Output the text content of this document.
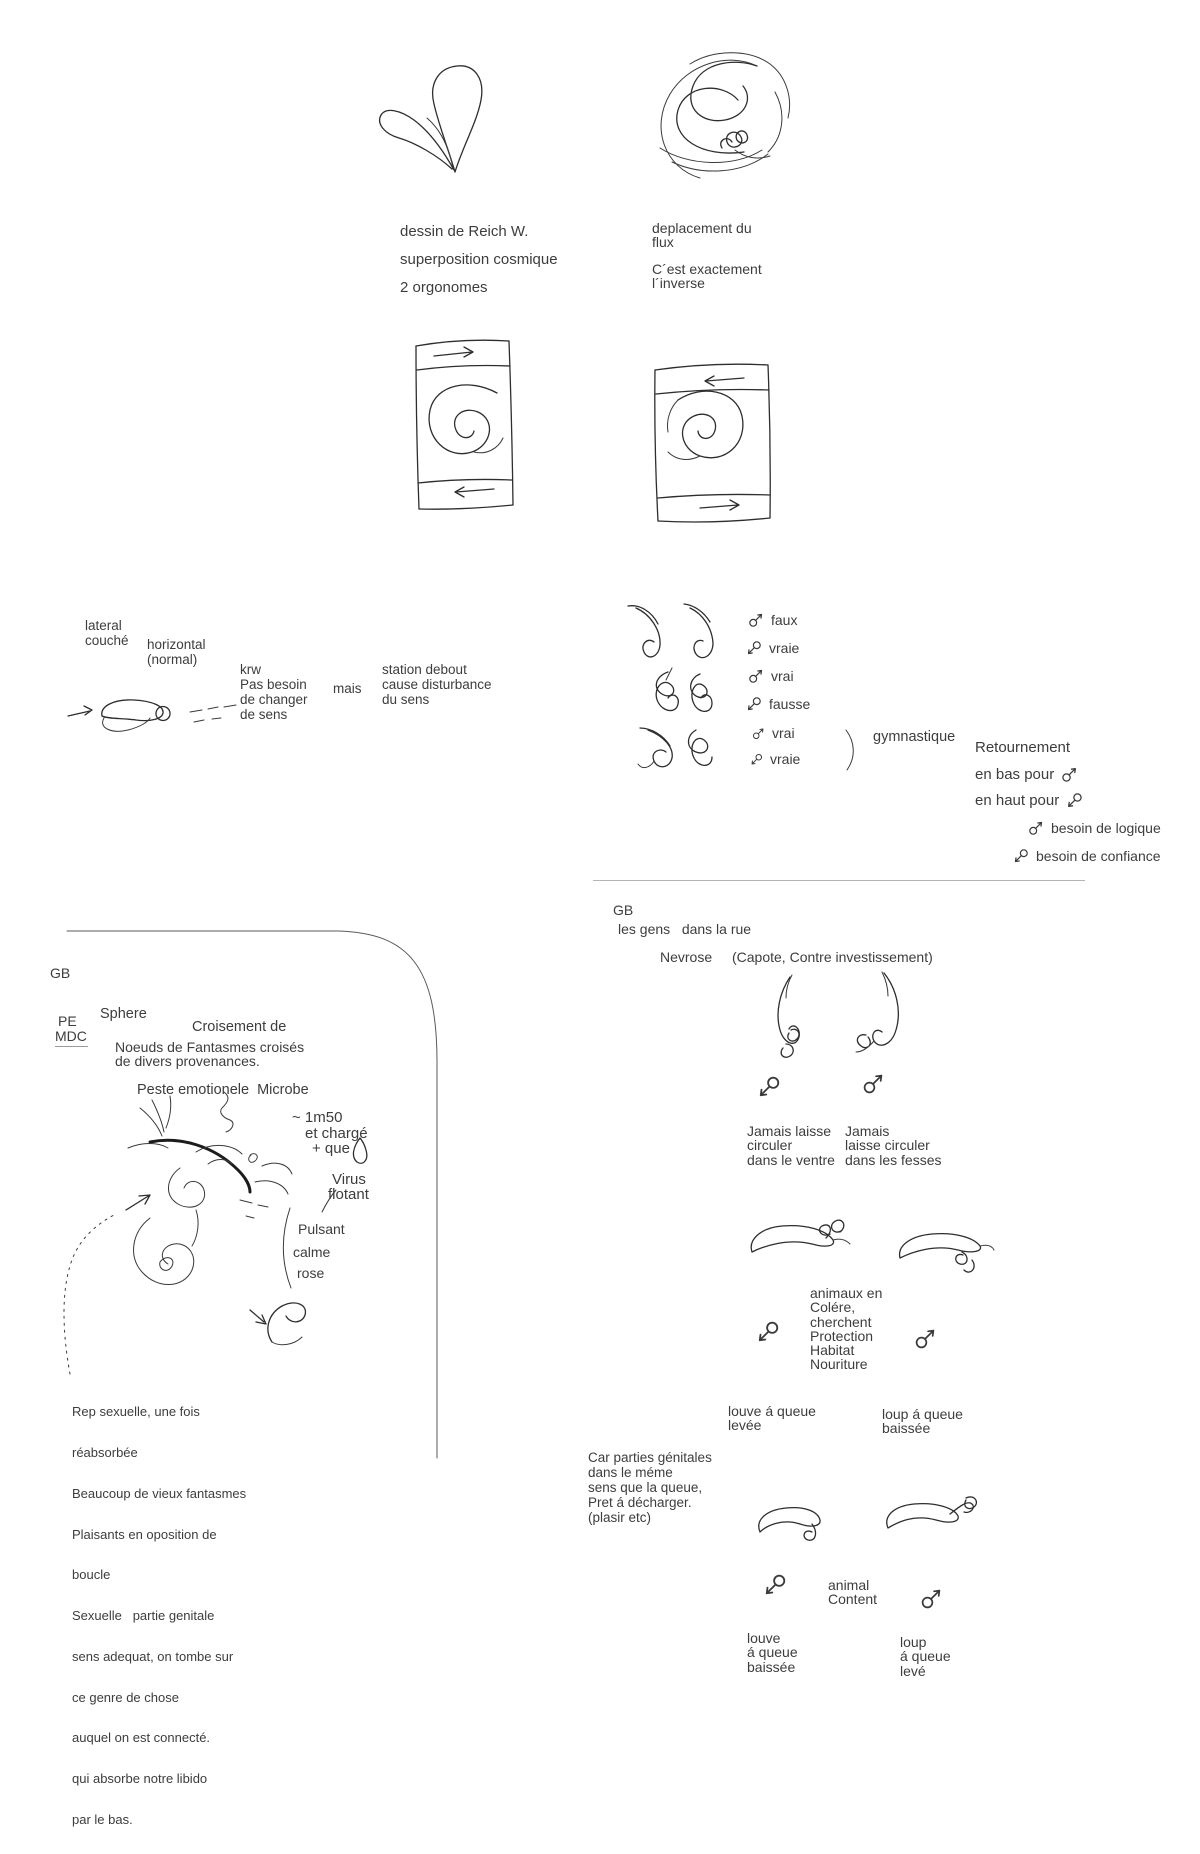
dessin de Reich W.
superposition cosmique
2 orgonomes
deplacement du
flux
C´est exactement
l´inverse
lateral
couché horizontal
(normal)
krw
Pas besoin
de changer
de sens
mais
station debout
cause disturbance
du sens
faux
vraie
vrai
fausse
vrai
vraie
gymnastique
Retournement
en bas pour
en haut pour
besoin de logique
besoin de confiance
GB
les gens   dans la rue
Nevrose (Capote, Contre investissement)
Jamais laisse
circuler
dans le ventre
Jamais
laisse circuler
dans les fesses
animaux en
Colére,
cherchent
Protection
Habitat
Nouriture
louve á queue
levée
loup á queue
baissée
Car parties génitales
dans le méme
sens que la queue,
Pret á décharger.
(plasir etc)
animal
Content
louve
á queue
baissée
loup
á queue
levé
GB
Sphere
PE
MDC
Croisement de
Noeuds de Fantasmes croisés
de divers provenances.
Peste emotionele  Microbe
~ 1m50
et chargé
+ que
Virus
flotant
Pulsant
calme
rose

Rep sexuelle, une fois

réabsorbée

Beaucoup de vieux fantasmes

Plaisants en oposition de

boucle

Sexuelle   partie genitale

sens adequat, on tombe sur

ce genre de chose

auquel on est connecté.

qui absorbe notre libido

par le bas.
